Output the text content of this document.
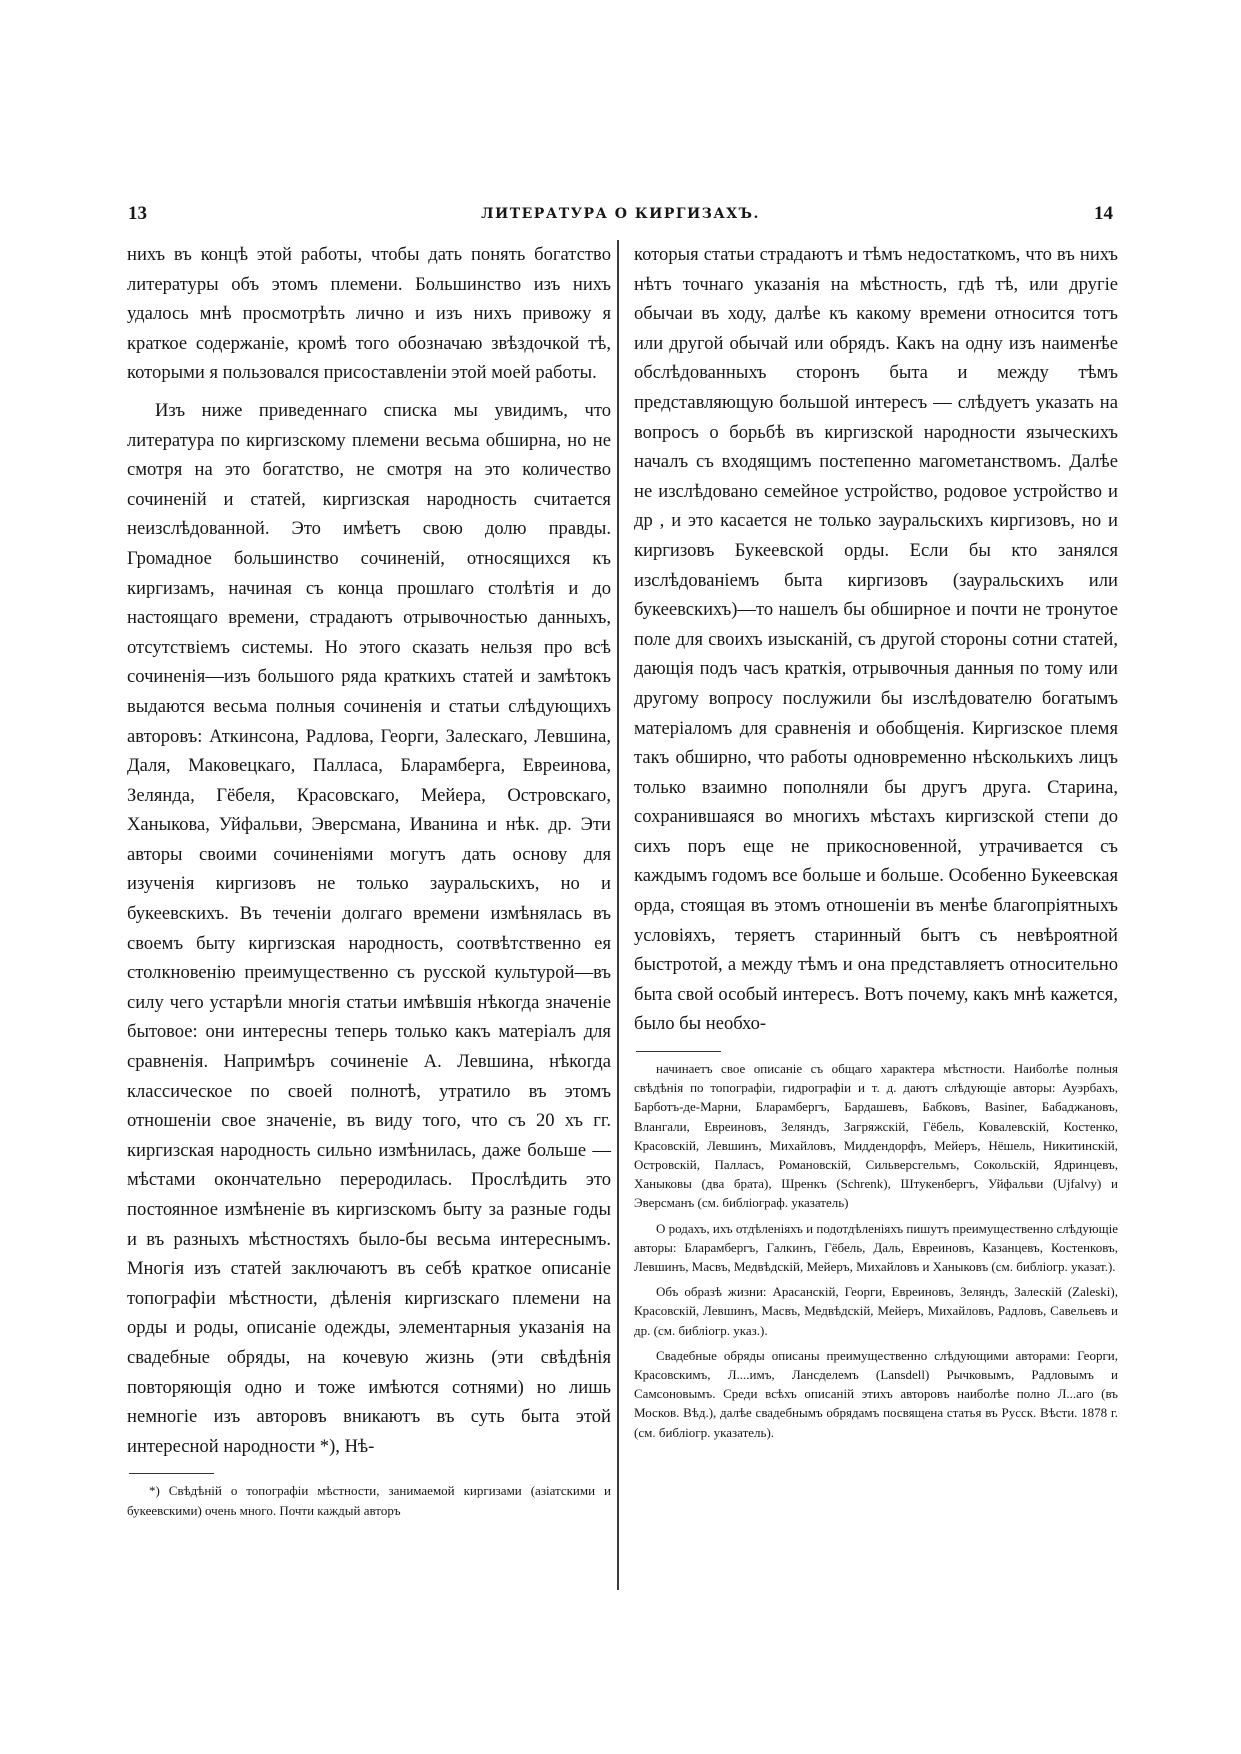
13	ЛИТЕРАТУРА О КИРГИЗАХЪ.	14

нихъ въ концѣ этой работы, чтобы дать понять богатство литературы объ этомъ племени. Большинство изъ нихъ удалось мнѣ просмотрѣть лично и изъ нихъ привожу я краткое содержаніе, кромѣ того обозначаю звѣздочкой тѣ, которыми я пользовался присоставленіи этой моей работы.

Изъ ниже приведеннаго списка мы увидимъ, что литература по киргизскому племени весьма обширна, но не смотря на это богатство, не смотря на это количество сочиненій и статей, киргизская народность считается неизслѣдованной. Это имѣетъ свою долю правды. Громадное большинство сочиненій, относящихся къ киргизамъ, начиная съ конца прошлаго столѣтія и до настоящаго времени, страдаютъ отрывочностью данныхъ, отсутствіемъ системы. Но этого сказать нельзя про всѣ сочиненія—изъ большого ряда краткихъ статей и замѣтокъ выдаются весьма полныя сочиненія и статьи слѣдующихъ авторовъ: Аткинсона, Радлова, Георги, Залескаго, Левшина, Даля, Маковецкаго, Палласа, Бларамберга, Евреинова, Зелянда, Гёбеля, Красовскаго, Мейера, Островскаго, Ханыкова, Уйфальви, Эверсмана, Иванина и нѣк. др. Эти авторы своими сочиненіями могутъ дать основу для изученія киргизовъ не только зауральскихъ, но и букеевскихъ. Въ теченіи долгаго времени измѣнялась въ своемъ быту киргизская народность, соотвѣтственно ея столкновенію преимущественно съ русской культурой—въ силу чего устарѣли многія статьи имѣвшія нѣкогда значеніе бытовое: они интересны теперь только какъ матеріалъ для сравненія. Напримѣръ сочиненіе А. Левшина, нѣкогда классическое по своей полнотѣ, утратило въ этомъ отношеніи свое значеніе, въ виду того, что съ 20 хъ гг. киргизская народность сильно измѣнилась, даже больше — мѣстами окончательно переродилась. Прослѣдить это постоянное измѣненіе въ киргизскомъ быту за разные годы и въ разныхъ мѣстностяхъ было-бы весьма интереснымъ. Многія изъ статей заключаютъ въ себѣ краткое описаніе топографіи мѣстности, дѣленія киргизскаго племени на орды и роды, описаніе одежды, элементарныя указанія на свадебные обряды, на кочевую жизнь (эти свѣдѣнія повторяющія одно и тоже имѣются сотнями) но лишь немногіе изъ авторовъ вникаютъ въ суть быта этой интересной народности *), Нѣ-

*) Свѣдѣній о топографіи мѣстности, занимаемой киргизами (азіатскими и букеевскими) очень много. Почти каждый авторъ

которыя статьи страдаютъ и тѣмъ недостаткомъ, что въ нихъ нѣтъ точнаго указанія на мѣстность, гдѣ тѣ, или другіе обычаи въ ходу, далѣе къ какому времени относится тотъ или другой обычай или обрядъ. Какъ на одну изъ наименѣе обслѣдованныхъ сторонъ быта и между тѣмъ представляющую большой интересъ — слѣдуетъ указать на вопросъ о борьбѣ въ киргизской народности языческихъ началъ съ входящимъ постепенно магометанствомъ. Далѣе не изслѣдовано семейное устройство, родовое устройство и др , и это касается не только зауральскихъ киргизовъ, но и киргизовъ Букеевской орды. Если бы кто занялся изслѣдованіемъ быта киргизовъ (зауральскихъ или букеевскихъ)—то нашелъ бы обширное и почти не тронутое поле для своихъ изысканій, съ другой стороны сотни статей, дающія подъ часъ краткія, отрывочныя данныя по тому или другому вопросу послужили бы изслѣдователю богатымъ матеріаломъ для сравненія и обобщенія. Киргизское племя такъ обширно, что работы одновременно нѣсколькихъ лицъ только взаимно пополняли бы другъ друга. Старина, сохранившаяся во многихъ мѣстахъ киргизской степи до сихъ поръ еще не прикосновенной, утрачивается съ каждымъ годомъ все больше и больше. Особенно Букеевская орда, стоящая въ этомъ отношеніи въ менѣе благопріятныхъ условіяхъ, теряетъ старинный бытъ съ невѣроятной быстротой, а между тѣмъ и она представляетъ относительно быта свой особый интересъ. Вотъ почему, какъ мнѣ кажется, было бы необхо-

начинаетъ свое описаніе съ общаго характера мѣстности. Наиболѣе полныя свѣдѣнія по топографіи, гидрографіи и т. д. даютъ слѣдующіе авторы: Ауэрбахъ, Барботъ-де-Марни, Бларамбергъ, Бардашевъ, Бабковъ, Basiner, Бабаджановъ, Влангали, Евреиновъ, Зеляндъ, Загряжскій, Гёбель, Ковалевскій, Костенко, Красовскій, Левшинъ, Михайловъ, Миддендорфъ, Мейеръ, Нёшель, Никитинскій, Островскій, Палласъ, Романовскій, Сильверсгельмъ, Сокольскій, Ядринцевъ, Ханыковы (два брата), Шренкъ (Schrenk), Штукенбергъ, Уйфальви (Ujfalvy) и Эверсманъ (см. библіограф. указатель)

О родахъ, ихъ отдѣленіяхъ и подотдѣленіяхъ пишутъ преимущественно слѣдующіе авторы: Бларамбергъ, Галкинъ, Гёбель, Даль, Евреиновъ, Казанцевъ, Костенковъ, Левшинъ, Масвъ, Медвѣдскій, Мейеръ, Михайловъ и Ханыковъ (см. библіогр. указат.).

Объ образѣ жизни: Арасанскій, Георги, Евреиновъ, Зеляндъ, Залескій (Zaleski), Красовскій, Левшинъ, Масвъ, Медвѣдскій, Мейеръ, Михайловъ, Радловъ, Савельевъ и др. (см. библіогр. указ.).

Свадебные обряды описаны преимущественно слѣдующими авторами: Георги, Красовскимъ, Л....имъ, Ланcделемъ (Lansdell) Рычковымъ, Радловымъ и Самсоновымъ. Среди всѣхъ описаній этихъ авторовъ наиболѣе полно Л...аго (въ Москов. Вѣд.), далѣе свадебнымъ обрядамъ посвящена статья въ Русск. Вѣсти. 1878 г. (см. библіогр. указатель).
